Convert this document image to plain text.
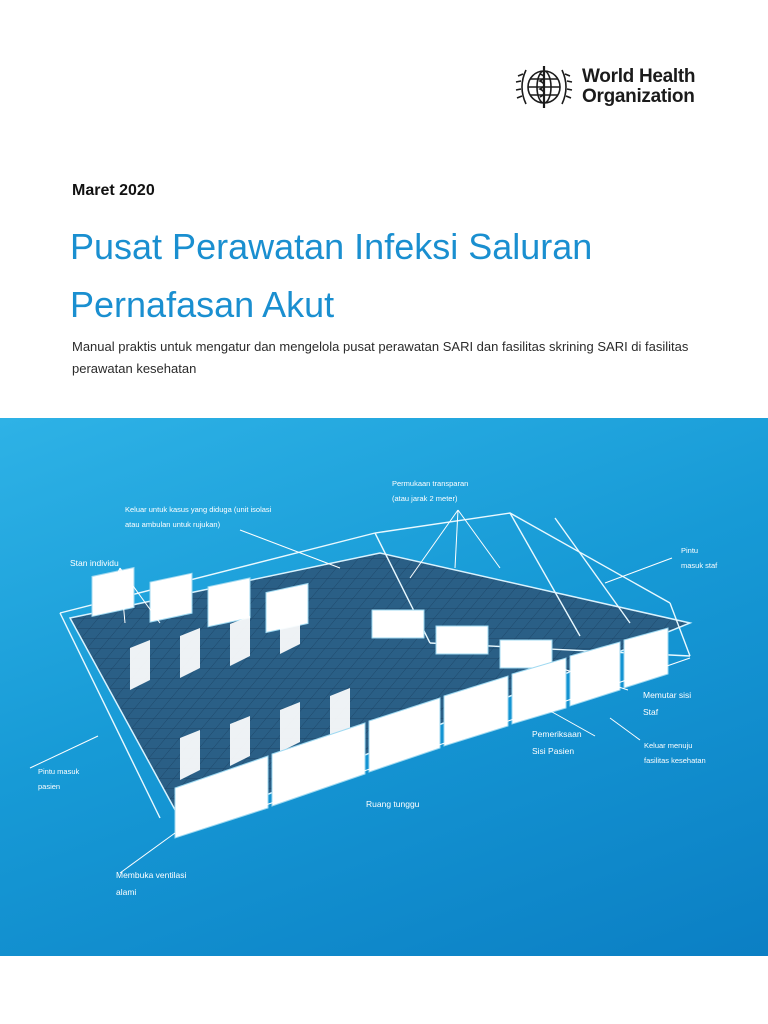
World Health
Organization
Maret 2020
Pusat Perawatan Infeksi Saluran Pernafasan Akut

Manual praktis untuk mengatur dan mengelola pusat perawatan SARI dan fasilitas skrining SARI di fasilitas perawatan kesehatan

Permukaan transparan
(atau jarak 2 meter)
Keluar untuk kasus yang diduga (unit isolasi
atau ambulan untuk rujukan)
Stan individu
Pintu
masuk staf
Memutar sisi
Staf
Pemeriksaan
Sisi Pasien
Keluar menuju
fasilitas kesehatan
Pintu masuk
pasien
Ruang tunggu
Membuka ventilasi
alami
